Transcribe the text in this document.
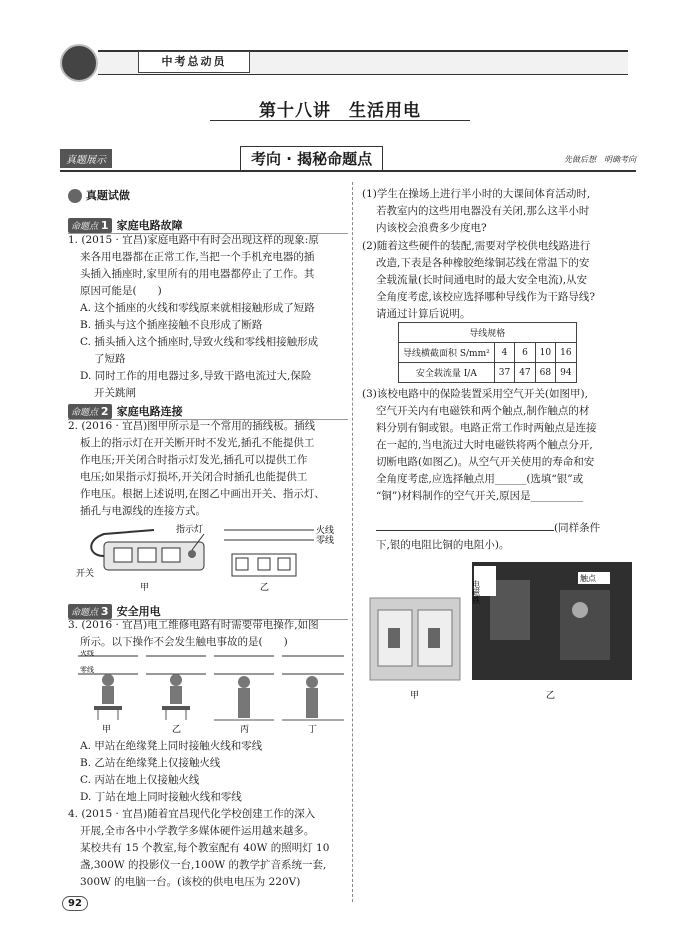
中考总动员
第十八讲　生活用电
真题展示	考向 · 揭秘命题点	先做后想　明确考向
真题试做
命题点 1 家庭电路故障
1. (2015 · 宜昌)家庭电路中有时会出现这样的现象:原
来各用电器都在正常工作,当把一个手机充电器的插
头插入插座时,家里所有的用电器都停止了工作。其
原因可能是(　　)
A. 这个插座的火线和零线原来就相接触形成了短路
B. 插头与这个插座接触不良形成了断路
C. 插头插入这个插座时,导致火线和零线相接触形成
了短路
D. 同时工作的用电器过多,导致干路电流过大,保险
开关跳闸
命题点 2 家庭电路连接
2. (2016 · 宜昌)图甲所示是一个常用的插线板。插线
板上的指示灯在开关断开时不发光,插孔不能提供工
作电压;开关闭合时指示灯发光,插孔可以提供工作
电压;如果指示灯损坏,开关闭合时插孔也能提供工
作电压。根据上述说明,在图乙中画出开关、指示灯、
插孔与电源线的连接方式。
指示灯
开关
甲
火线
零线
乙
命题点 3 安全用电
3. (2016 · 宜昌)电工维修电路有时需要带电操作,如图
所示。以下操作不会发生触电事故的是(　　)
甲	乙	丙	丁
火线
零线
A. 甲站在绝缘凳上同时接触火线和零线
B. 乙站在绝缘凳上仅接触火线
C. 丙站在地上仅接触火线
D. 丁站在地上同时接触火线和零线
4. (2015 · 宜昌)随着宜昌现代化学校创建工作的深入
开展,全市各中小学教学多媒体硬件运用越来越多。
某校共有 15 个教室,每个教室配有 40W 的照明灯 10
盏,300W 的投影仪一台,100W 的教学扩音系统一套,
300W 的电脑一台。(该校的供电电压为 220V)
(1)学生在操场上进行半小时的大课间体育活动时,
若教室内的这些用电器没有关闭,那么这半小时
内该校会浪费多少度电?
(2)随着这些硬件的装配,需要对学校供电线路进行
改造,下表是各种橡胶绝缘铜芯线在常温下的安
全载流量(长时间通电时的最大安全电流),从安
全角度考虑,该校应选择哪种导线作为干路导线?
请通过计算后说明。
导线规格				
导线横截面积 S/mm²	4	6	10	16
安全载流量 I/A	37	47	68	94
(3)该校电路中的保险装置采用空气开关(如图甲),
空气开关内有电磁铁和两个触点,制作触点的材
料分别有铜或银。电路正常工作时两触点是连接
在一起的,当电流过大时电磁铁将两个触点分开,
切断电路(如图乙)。从空气开关使用的寿命和安
全角度考虑,应选择触点用______(选填“银”或
“铜”)材料制作的空气开关,原因是__________
(同样条件
下,银的电阻比铜的电阻小)。
甲
电磁铁
触点
乙
92
